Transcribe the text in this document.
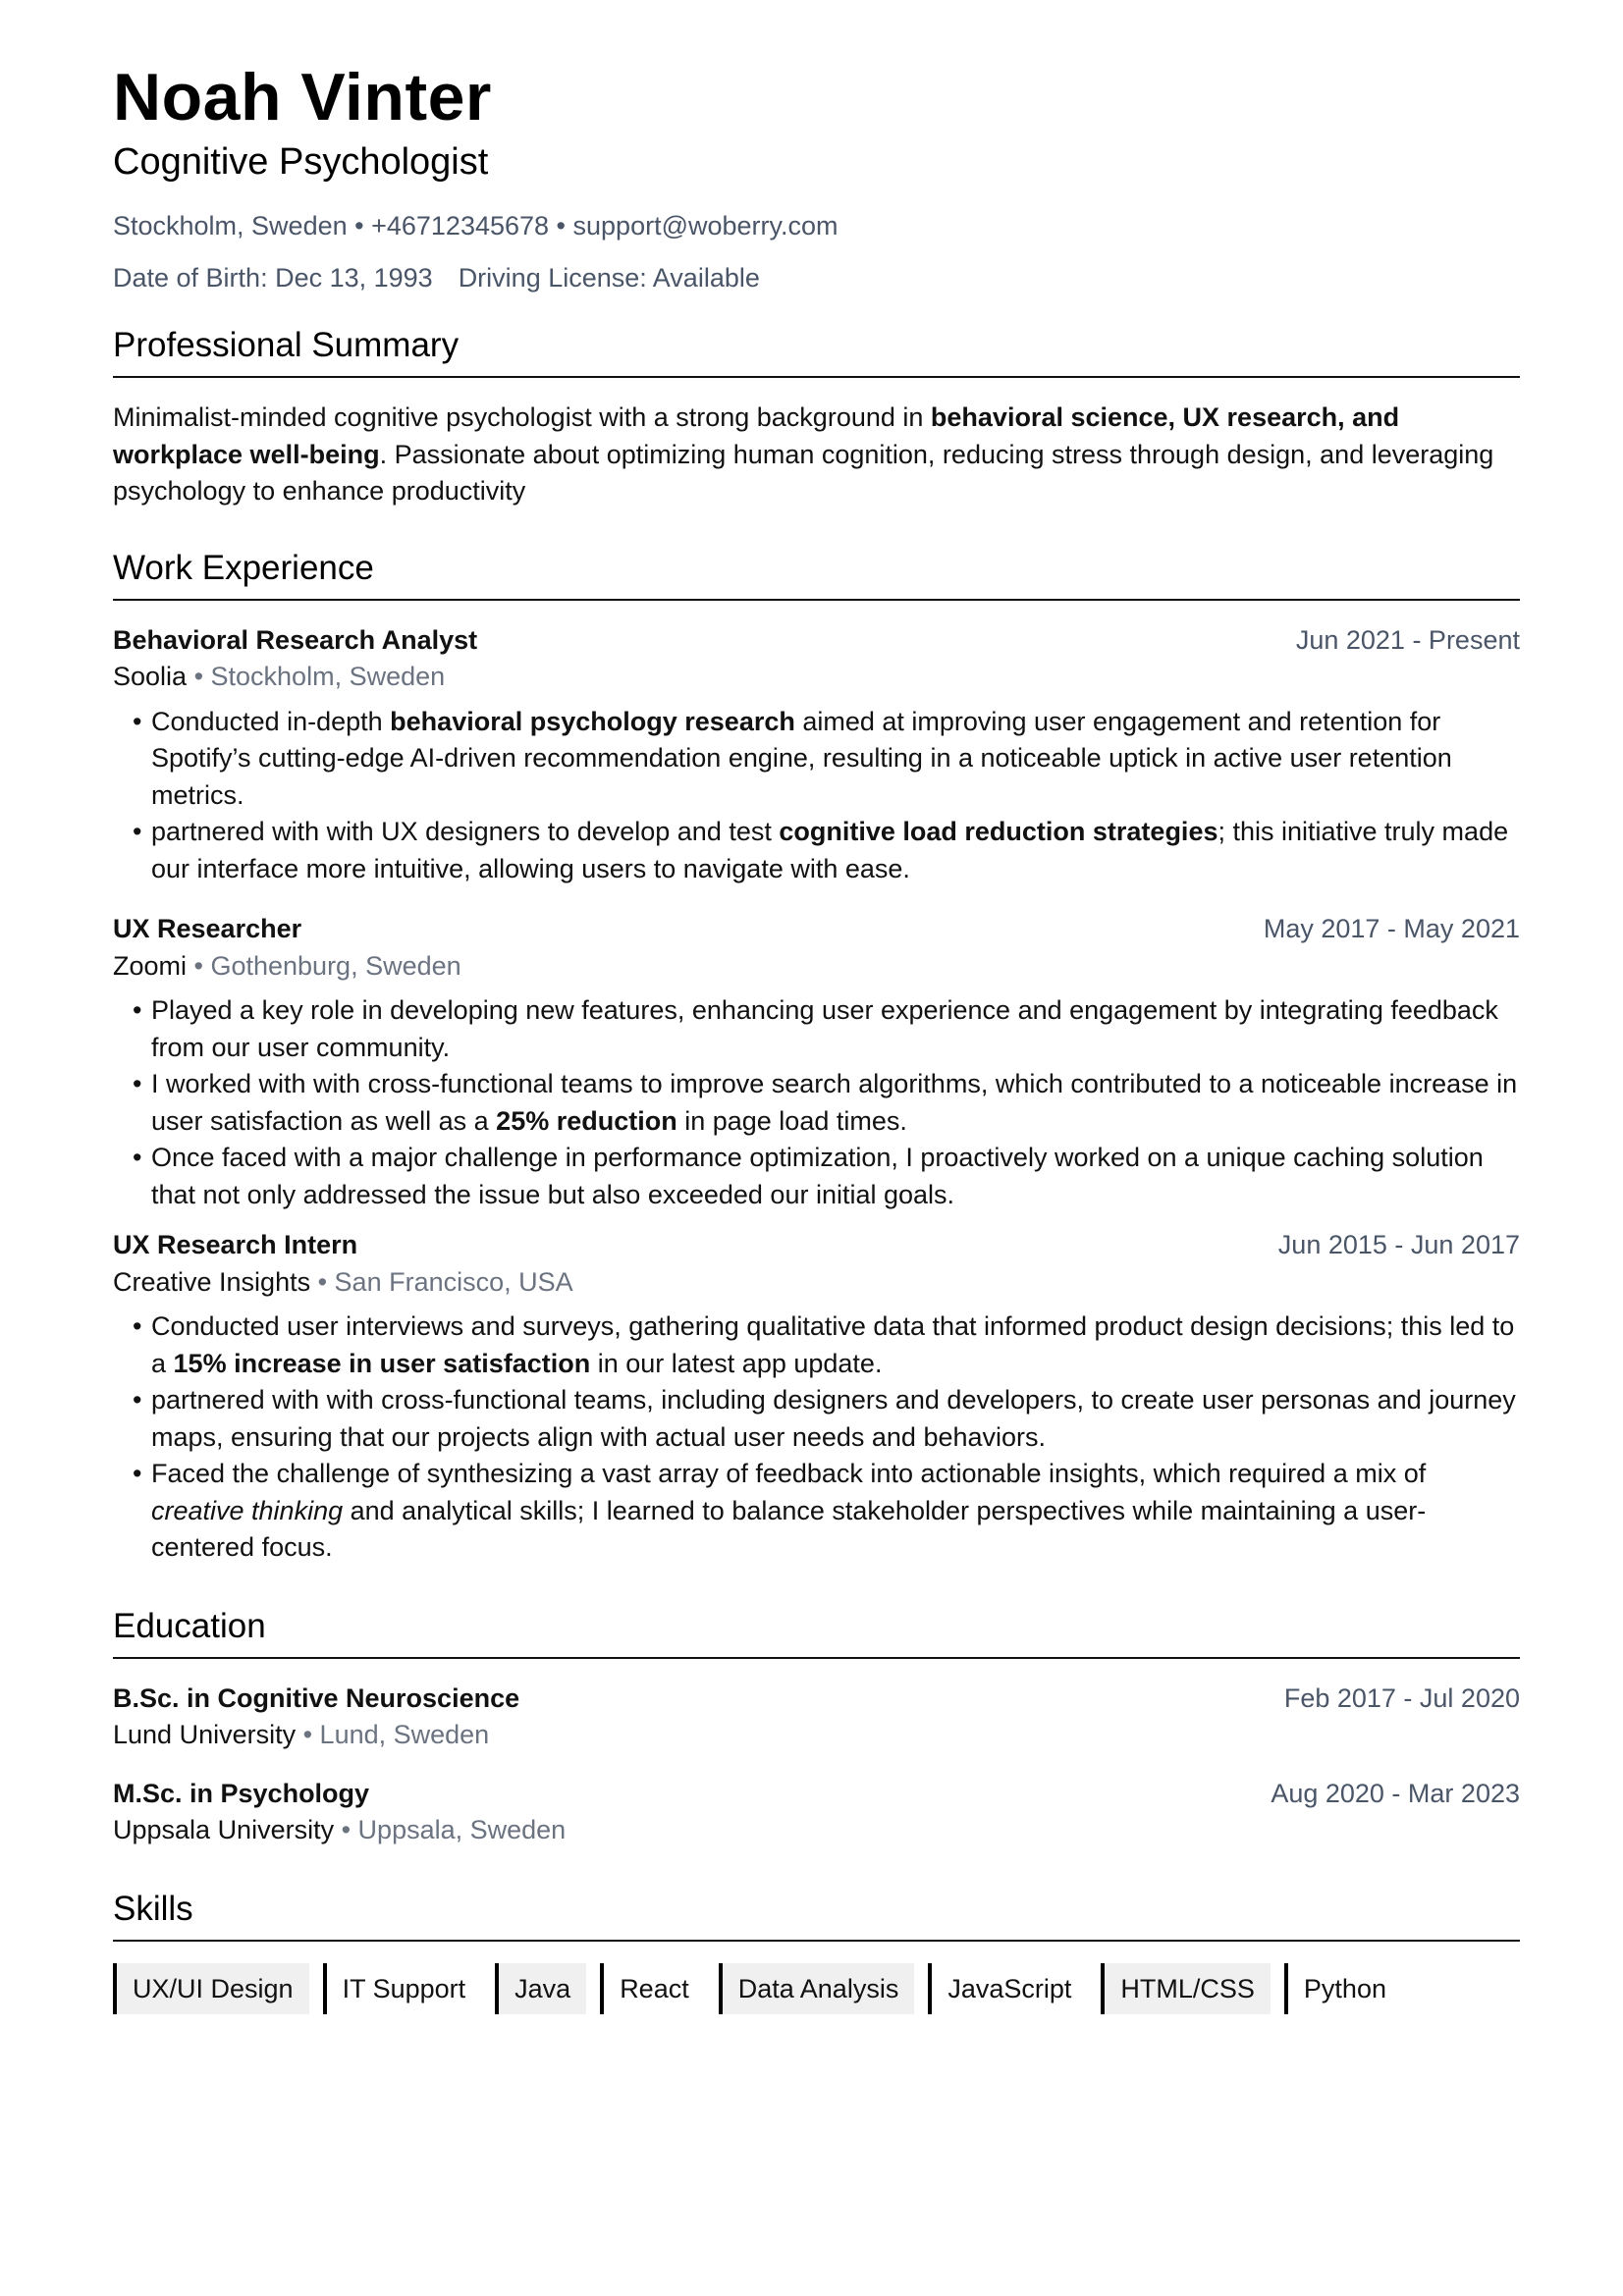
Noah Vinter
Cognitive Psychologist
Stockholm, Sweden • +46712345678 • support@woberry.com
Date of Birth: Dec 13, 1993 Driving License: Available
Professional Summary
Minimalist-minded cognitive psychologist with a strong background in behavioral science, UX research, and workplace well-being. Passionate about optimizing human cognition, reducing stress through design, and leveraging psychology to enhance productivity
Work Experience
Behavioral Research Analyst	Jun 2021 - Present
Soolia • Stockholm, Sweden
• Conducted in-depth behavioral psychology research aimed at improving user engagement and retention for Spotify’s cutting-edge AI-driven recommendation engine, resulting in a noticeable uptick in active user retention metrics.
• partnered with with UX designers to develop and test cognitive load reduction strategies; this initiative truly made our interface more intuitive, allowing users to navigate with ease.
UX Researcher	May 2017 - May 2021
Zoomi • Gothenburg, Sweden
• Played a key role in developing new features, enhancing user experience and engagement by integrating feedback from our user community.
• I worked with with cross-functional teams to improve search algorithms, which contributed to a noticeable increase in user satisfaction as well as a 25% reduction in page load times.
• Once faced with a major challenge in performance optimization, I proactively worked on a unique caching solution that not only addressed the issue but also exceeded our initial goals.
UX Research Intern	Jun 2015 - Jun 2017
Creative Insights • San Francisco, USA
• Conducted user interviews and surveys, gathering qualitative data that informed product design decisions; this led to a 15% increase in user satisfaction in our latest app update.
• partnered with with cross-functional teams, including designers and developers, to create user personas and journey maps, ensuring that our projects align with actual user needs and behaviors.
• Faced the challenge of synthesizing a vast array of feedback into actionable insights, which required a mix of creative thinking and analytical skills; I learned to balance stakeholder perspectives while maintaining a user-centered focus.
Education
B.Sc. in Cognitive Neuroscience	Feb 2017 - Jul 2020
Lund University • Lund, Sweden
M.Sc. in Psychology	Aug 2020 - Mar 2023
Uppsala University • Uppsala, Sweden
Skills
UX/UI Design	IT Support	Java	React	Data Analysis	JavaScript	HTML/CSS	Python
